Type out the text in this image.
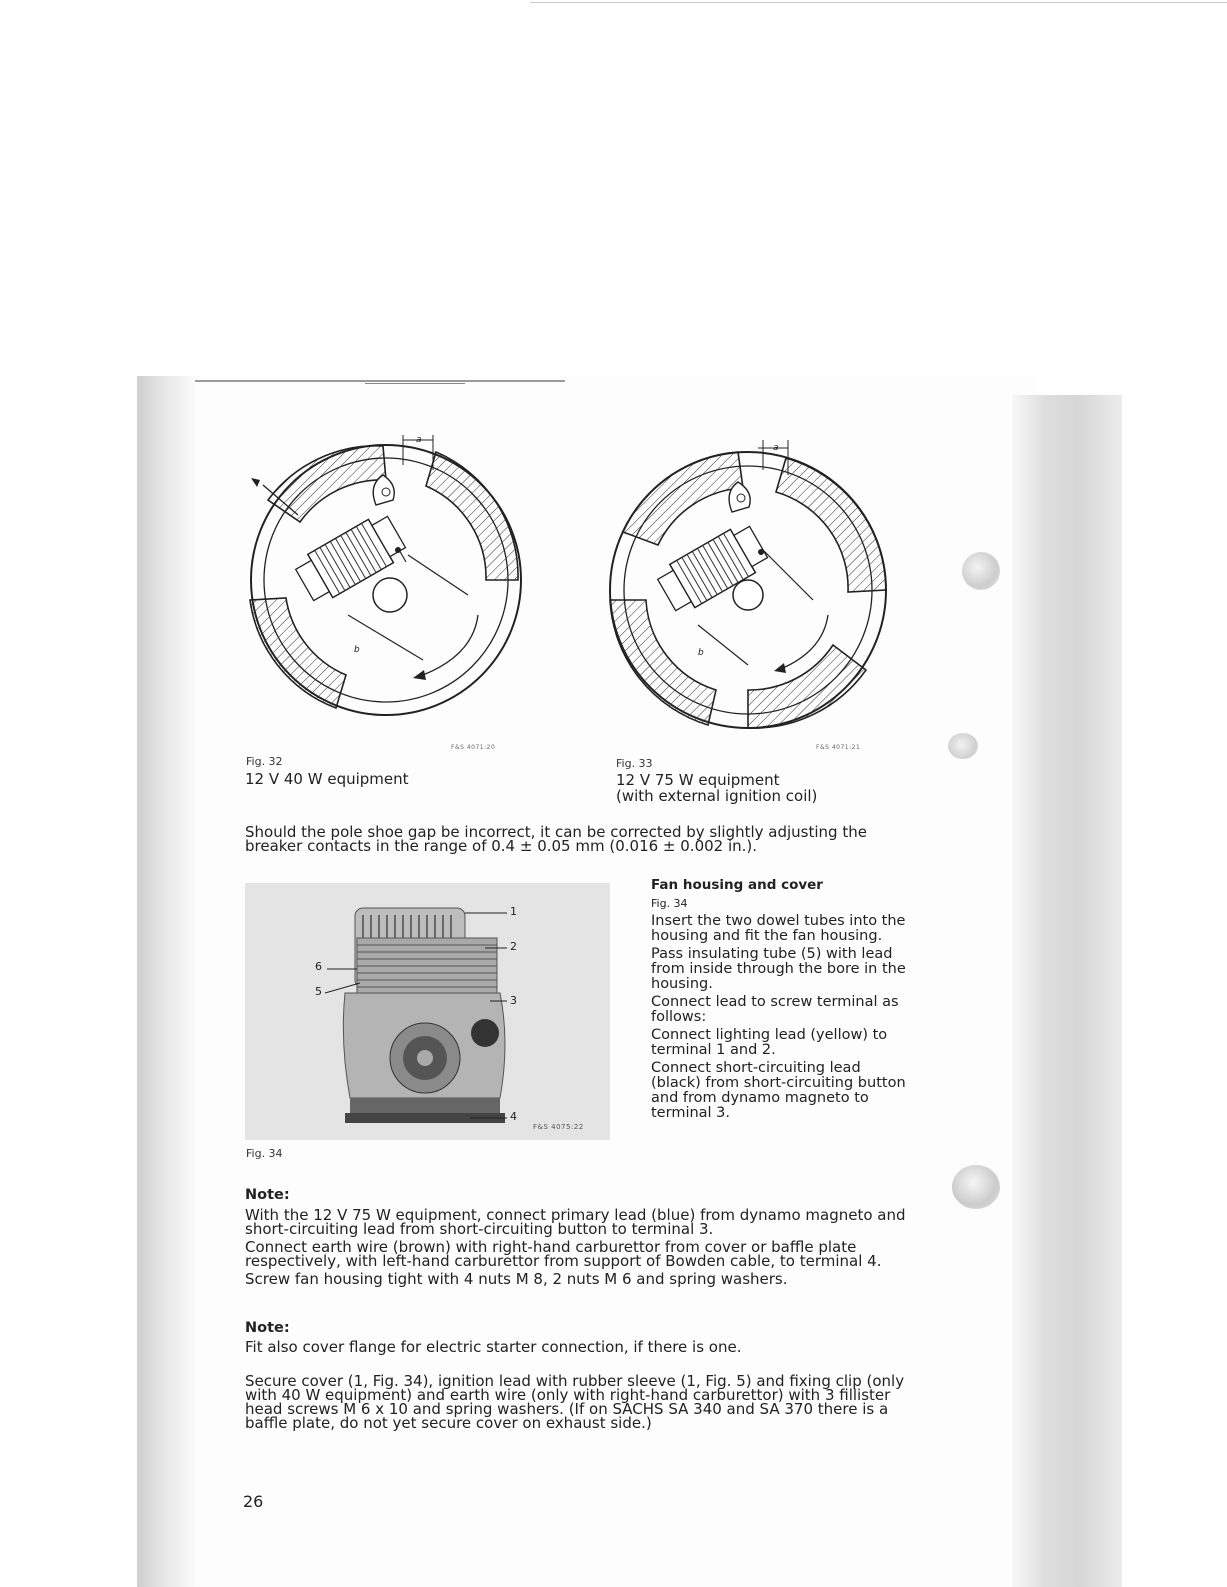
a
b
F&S 4071:20
Fig. 32
12 V 40 W equipment
a
b
F&S 4071:21
Fig. 33
12 V 75 W equipment
(with external ignition coil)
Should the pole shoe gap be incorrect, it can be corrected by slightly adjusting the breaker contacts in the range of 0.4 ± 0.05 mm (0.016 ± 0.002 in.).
1
2
3
4
5
6
F&S 4075:22
Fig. 34

Fan housing and cover

Fig. 34

Insert the two dowel tubes into the housing and fit the fan housing.

Pass insulating tube (5) with lead from inside through the bore in the housing.

Connect lead to screw terminal as follows:

Connect lighting lead (yellow) to terminal 1 and 2.

Connect short-circuiting lead (black) from short-circuiting button and from dynamo magneto to terminal 3.

Note:

With the 12 V 75 W equipment, connect primary lead (blue) from dynamo magneto and short-circuiting lead from short-circuiting button to terminal 3.

Connect earth wire (brown) with right-hand carburettor from cover or baffle plate respectively, with left-hand carburettor from support of Bowden cable, to terminal 4.

Screw fan housing tight with 4 nuts M 8, 2 nuts M 6 and spring washers.

Note:
Fit also cover flange for electric starter connection, if there is one.
Secure cover (1, Fig. 34), ignition lead with rubber sleeve (1, Fig. 5) and fixing clip (only with 40 W equipment) and earth wire (only with right-hand carburettor) with 3 fillister head screws M 6 x 10 and spring washers. (If on SACHS SA 340 and SA 370 there is a baffle plate, do not yet secure cover on exhaust side.)
26
